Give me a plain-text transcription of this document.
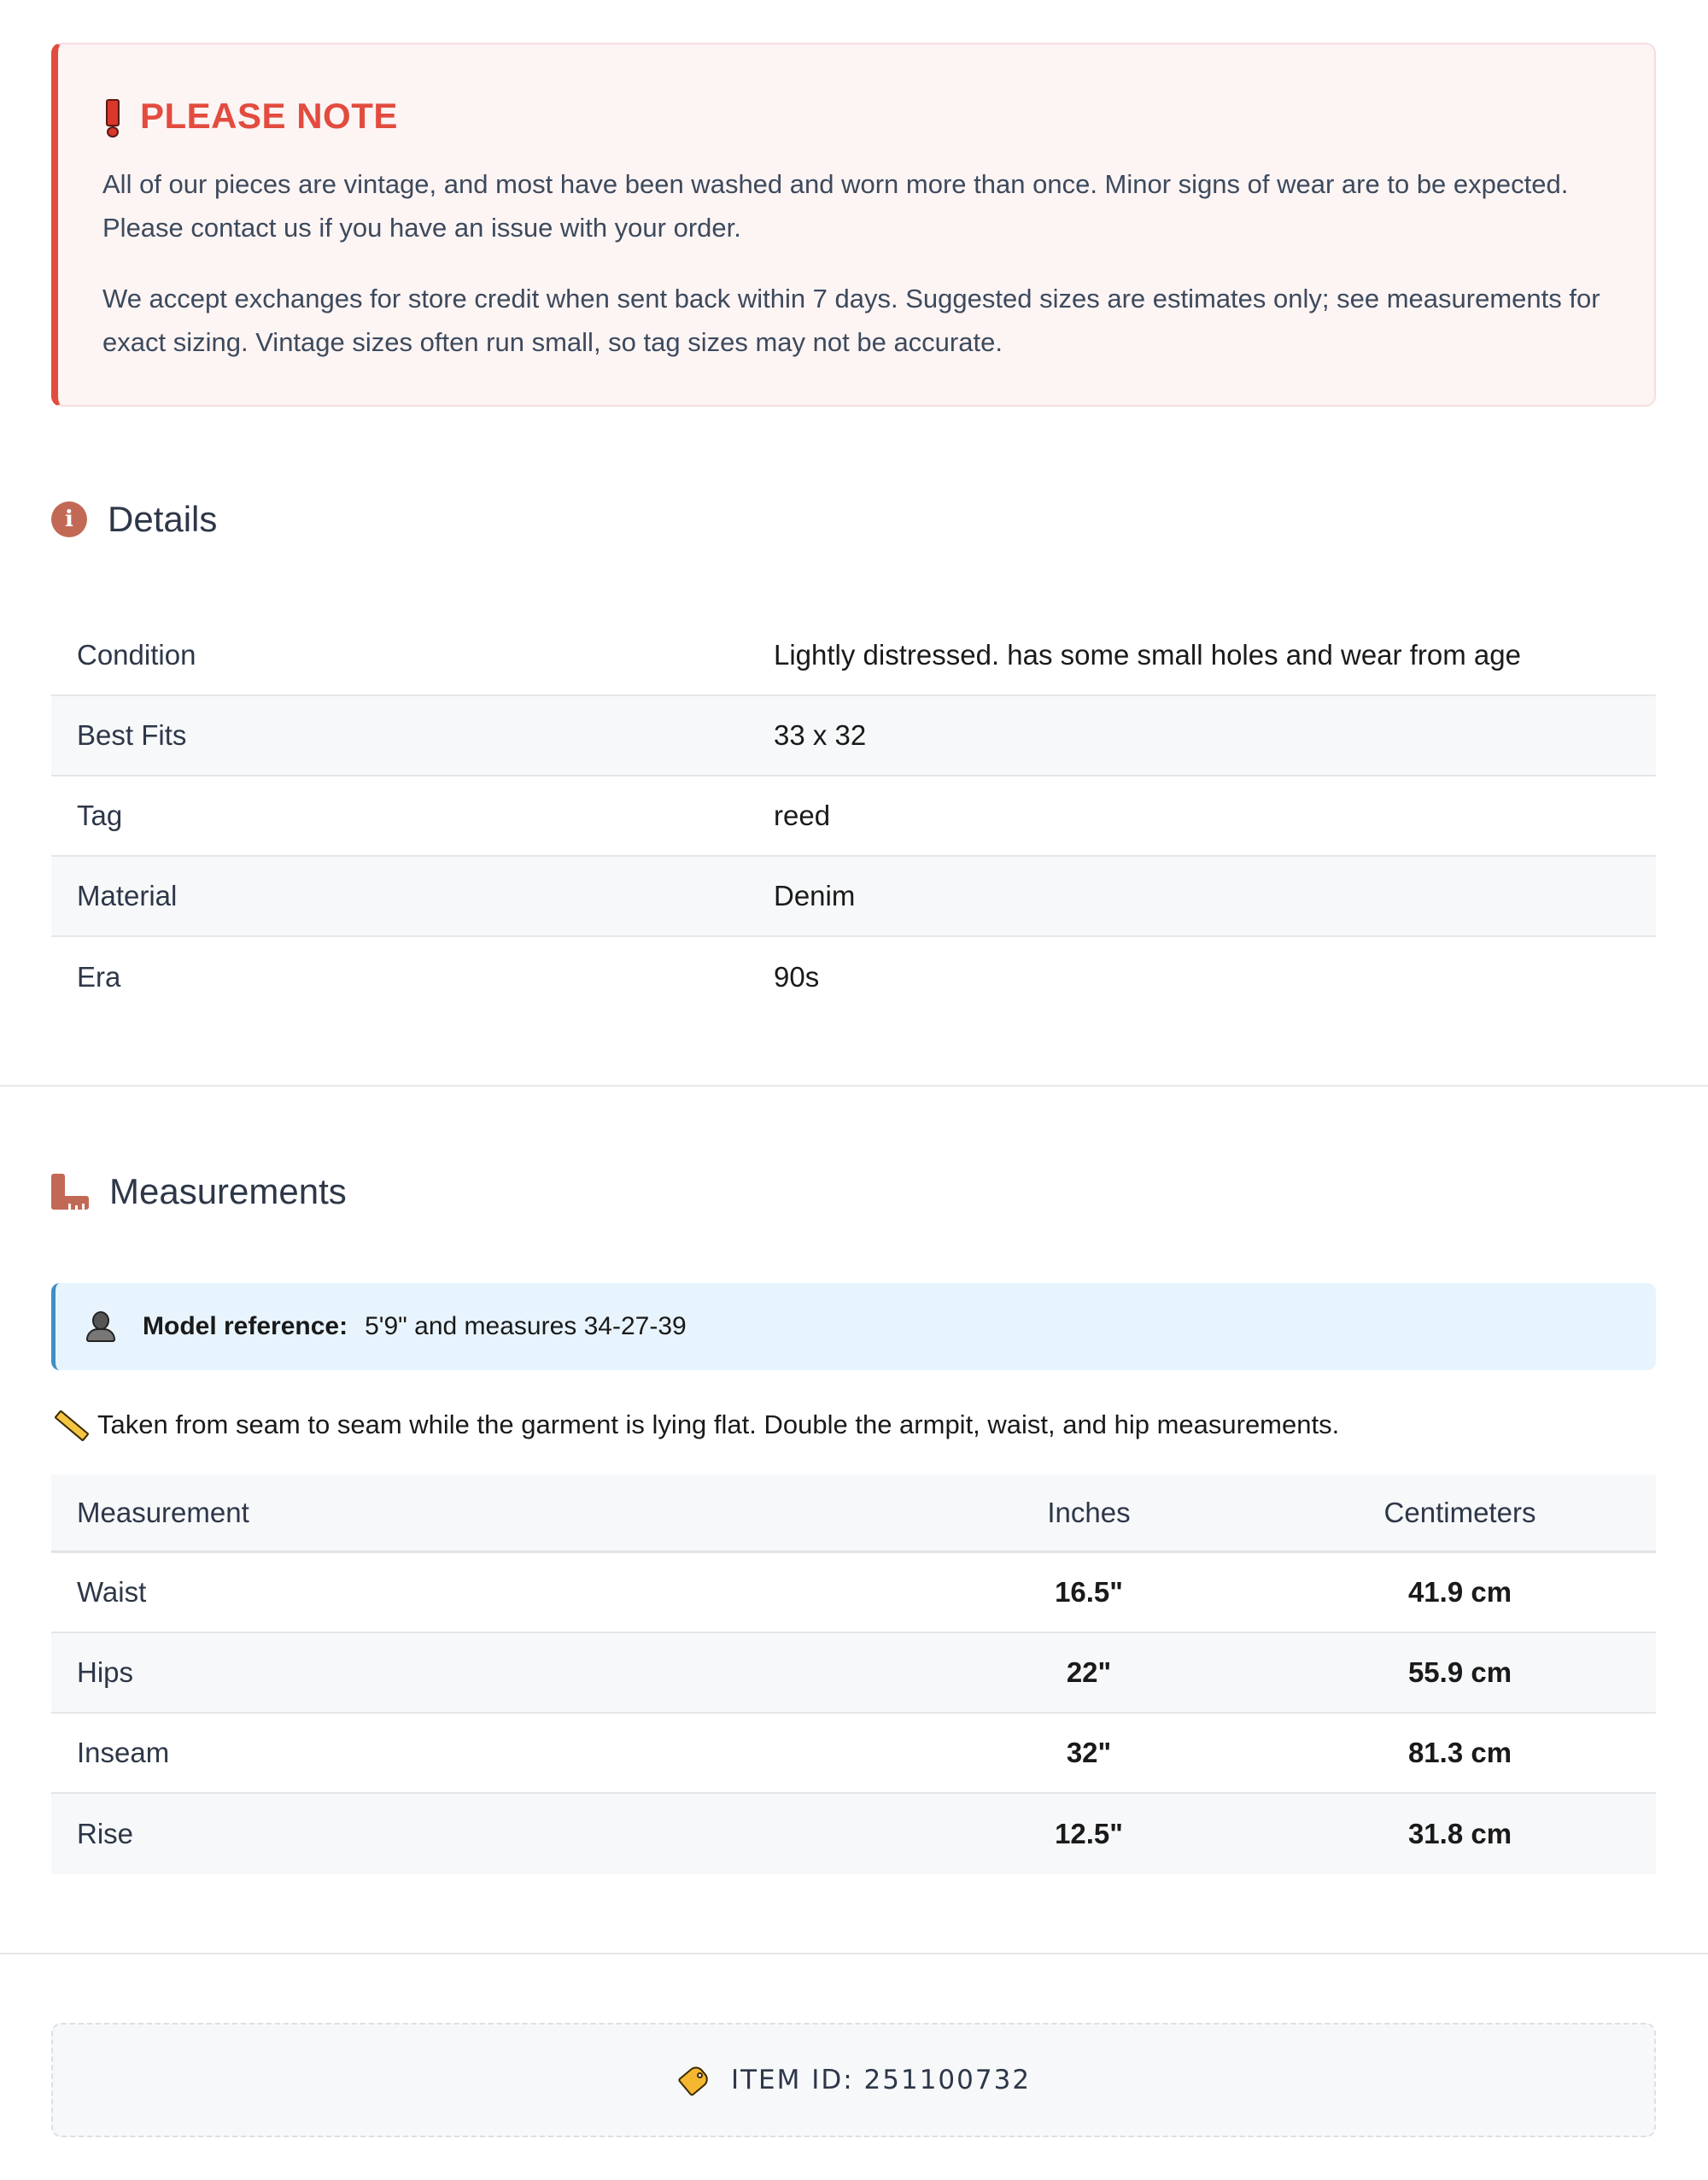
PLEASE NOTE

All of our pieces are vintage, and most have been washed and worn more than once. Minor signs of wear are to be expected. Please contact us if you have an issue with your order.

We accept exchanges for store credit when sent back within 7 days. Suggested sizes are estimates only; see measurements for exact sizing. Vintage sizes often run small, so tag sizes may not be accurate.

i Details
Condition	Lightly distressed. has some small holes and wear from age
Best Fits	33 x 32
Tag	reed
Material	Denim
Era	90s
Measurements
Model reference: 5'9" and measures 34-27-39
Taken from seam to seam while the garment is lying flat. Double the armpit, waist, and hip measurements.
Measurement	Inches	Centimeters
Waist	16.5"	41.9 cm
Hips	22"	55.9 cm
Inseam	32"	81.3 cm
Rise	12.5"	31.8 cm
ITEM ID: 251100732
